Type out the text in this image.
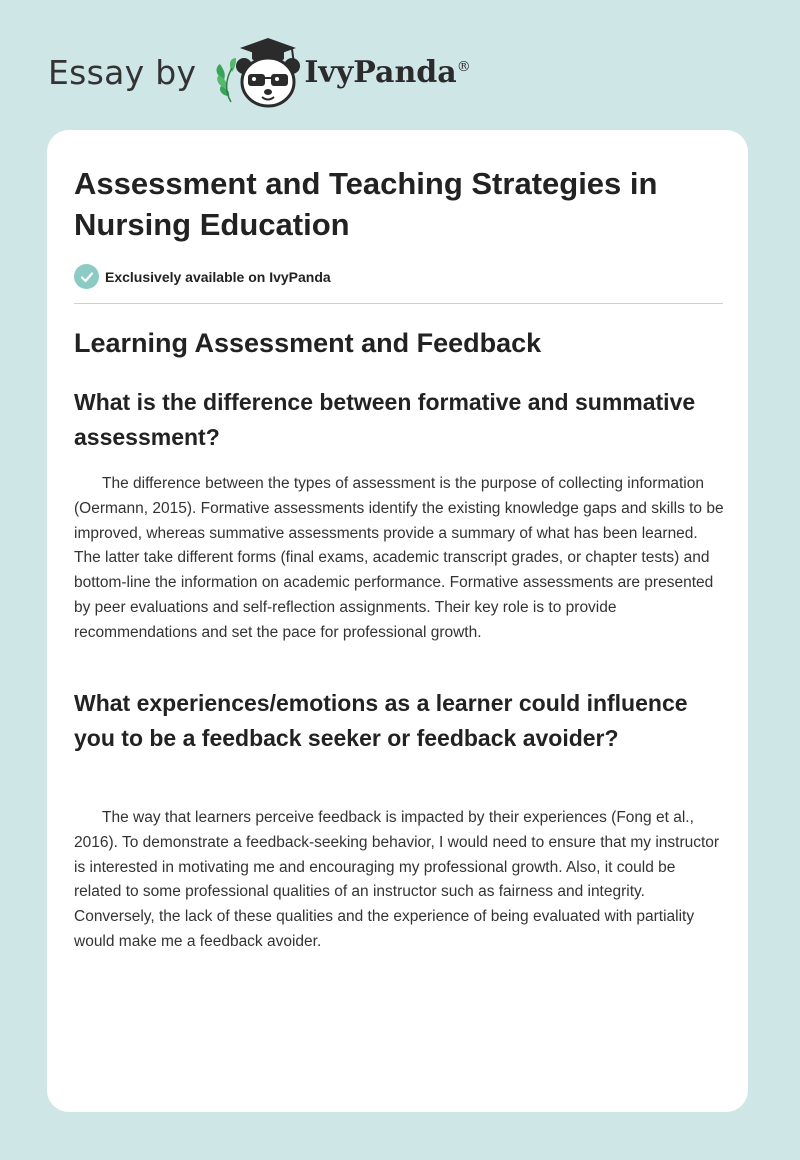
Essay by	IvyPanda®
Assessment and Teaching Strategies in Nursing Education
Exclusively available on IvyPanda
Learning Assessment and Feedback
What is the difference between formative and summative assessment?

The difference between the types of assessment is the purpose of collecting information (Oermann, 2015). Formative assessments identify the existing knowledge gaps and skills to be improved, whereas summative assessments provide a summary of what has been learned. The latter take different forms (final exams, academic transcript grades, or chapter tests) and bottom-line the information on academic performance. Formative assessments are presented by peer evaluations and self-reflection assignments. Their key role is to provide recommendations and set the pace for professional growth.

What experiences/emotions as a learner could influence you to be a feedback seeker or feedback avoider?

The way that learners perceive feedback is impacted by their experiences (Fong et al., 2016). To demonstrate a feedback-seeking behavior, I would need to ensure that my instructor is interested in motivating me and encouraging my professional growth. Also, it could be related to some professional qualities of an instructor such as fairness and integrity. Conversely, the lack of these qualities and the experience of being evaluated with partiality would make me a feedback avoider.
